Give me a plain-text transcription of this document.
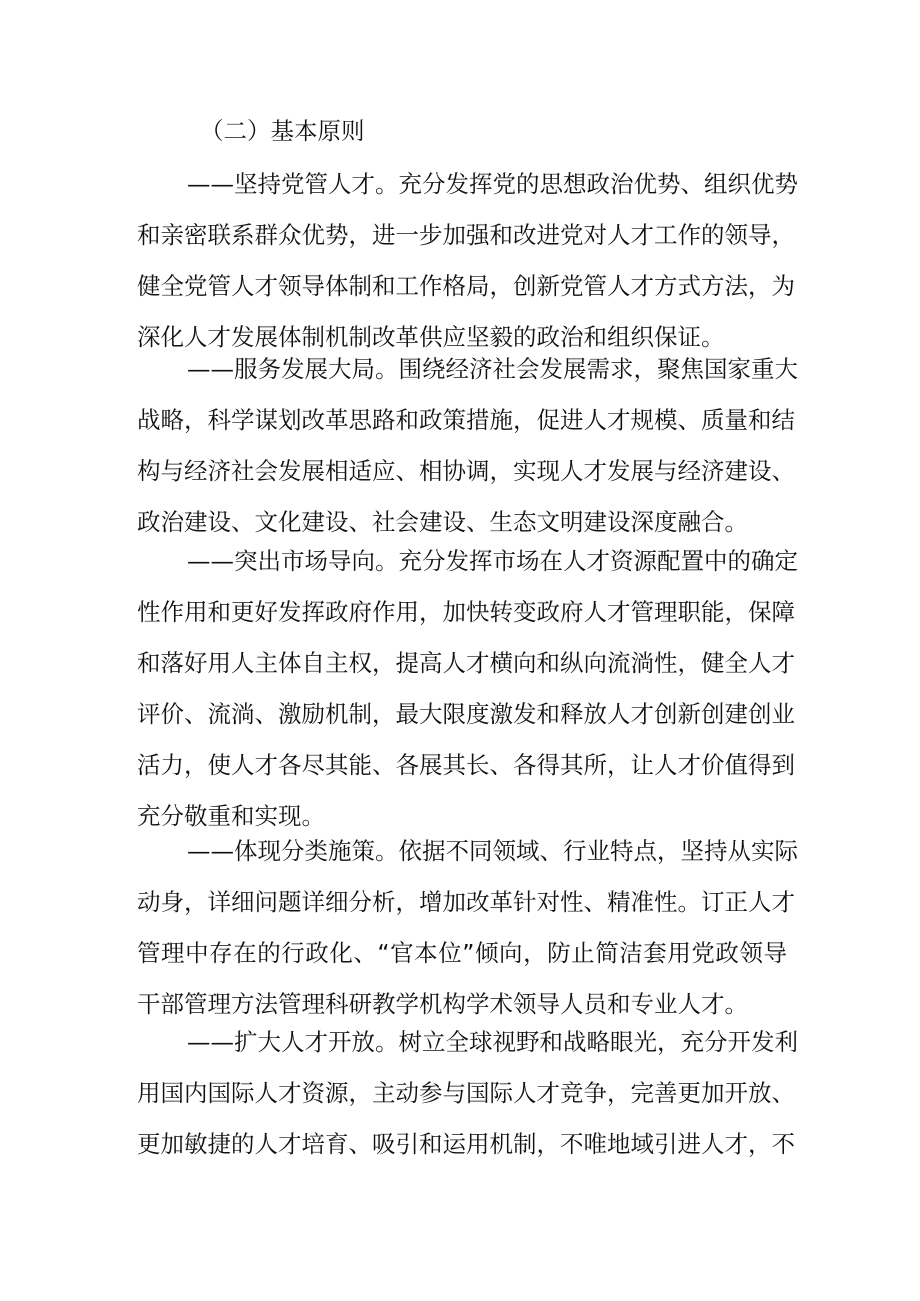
（二）基本原则
——坚持党管人才。充分发挥党的思想政治优势、组织优势
和亲密联系群众优势，进一步加强和改进党对人才工作的领导，
健全党管人才领导体制和工作格局，创新党管人才方式方法，为
深化人才发展体制机制改革供应坚毅的政治和组织保证。
——服务发展大局。围绕经济社会发展需求，聚焦国家重大
战略，科学谋划改革思路和政策措施，促进人才规模、质量和结
构与经济社会发展相适应、相协调，实现人才发展与经济建设、
政治建设、文化建设、社会建设、生态文明建设深度融合。
——突出市场导向。充分发挥市场在人才资源配置中的确定
性作用和更好发挥政府作用，加快转变政府人才管理职能，保障
和落好用人主体自主权，提高人才横向和纵向流淌性，健全人才
评价、流淌、激励机制，最大限度激发和释放人才创新创建创业
活力，使人才各尽其能、各展其长、各得其所，让人才价值得到
充分敬重和实现。
——体现分类施策。依据不同领域、行业特点，坚持从实际
动身，详细问题详细分析，增加改革针对性、精准性。订正人才
管理中存在的行政化、“官本位”倾向，防止简洁套用党政领导
干部管理方法管理科研教学机构学术领导人员和专业人才。
——扩大人才开放。树立全球视野和战略眼光，充分开发利
用国内国际人才资源，主动参与国际人才竞争，完善更加开放、
更加敏捷的人才培育、吸引和运用机制，不唯地域引进人才，不
